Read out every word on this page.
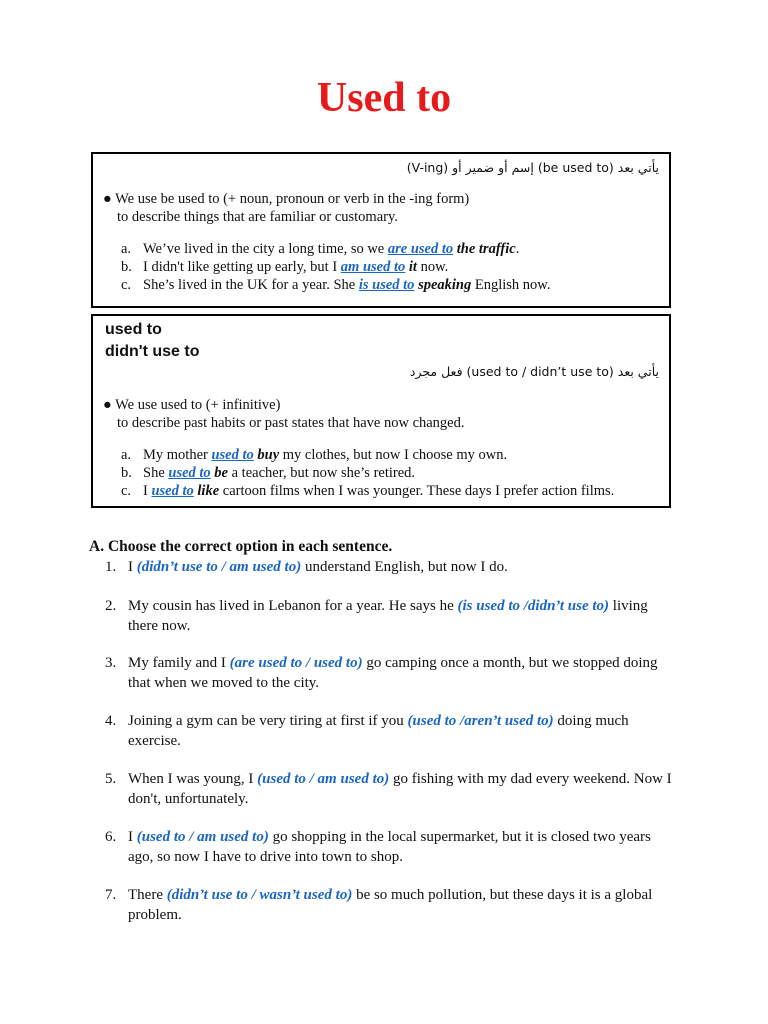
Used to
يأتي بعد (be used to) إسم أو ضمير أو (V-ing)
● We use be used to (+ noun, pronoun or verb in the -ing form)
to describe things that are familiar or customary.
a. We’ve lived in the city a long time, so we are used to the traffic.
b. I didn't like getting up early, but I am used to it now.
c. She’s lived in the UK for a year. She is used to speaking English now.
used to
didn't use to
يأتي بعد (used to / didn’t use to) فعل مجرد
● We use used to (+ infinitive)
to describe past habits or past states that have now changed.
a. My mother used to buy my clothes, but now I choose my own.
b. She used to be a teacher, but now she’s retired.
c. I used to like cartoon films when I was younger. These days I prefer action films.
A. Choose the correct option in each sentence.
1. I (didn’t use to / am used to) understand English, but now I do.
2. My cousin has lived in Lebanon for a year. He says he (is used to /didn’t use to) living there now.
3. My family and I (are used to / used to) go camping once a month, but we stopped doing that when we moved to the city.
4. Joining a gym can be very tiring at first if you (used to /aren’t used to) doing much exercise.
5. When I was young, I (used to / am used to) go fishing with my dad every weekend. Now I don't, unfortunately.
6. I (used to / am used to) go shopping in the local supermarket, but it is closed two years ago, so now I have to drive into town to shop.
7. There (didn’t use to / wasn’t used to) be so much pollution, but these days it is a global problem.
